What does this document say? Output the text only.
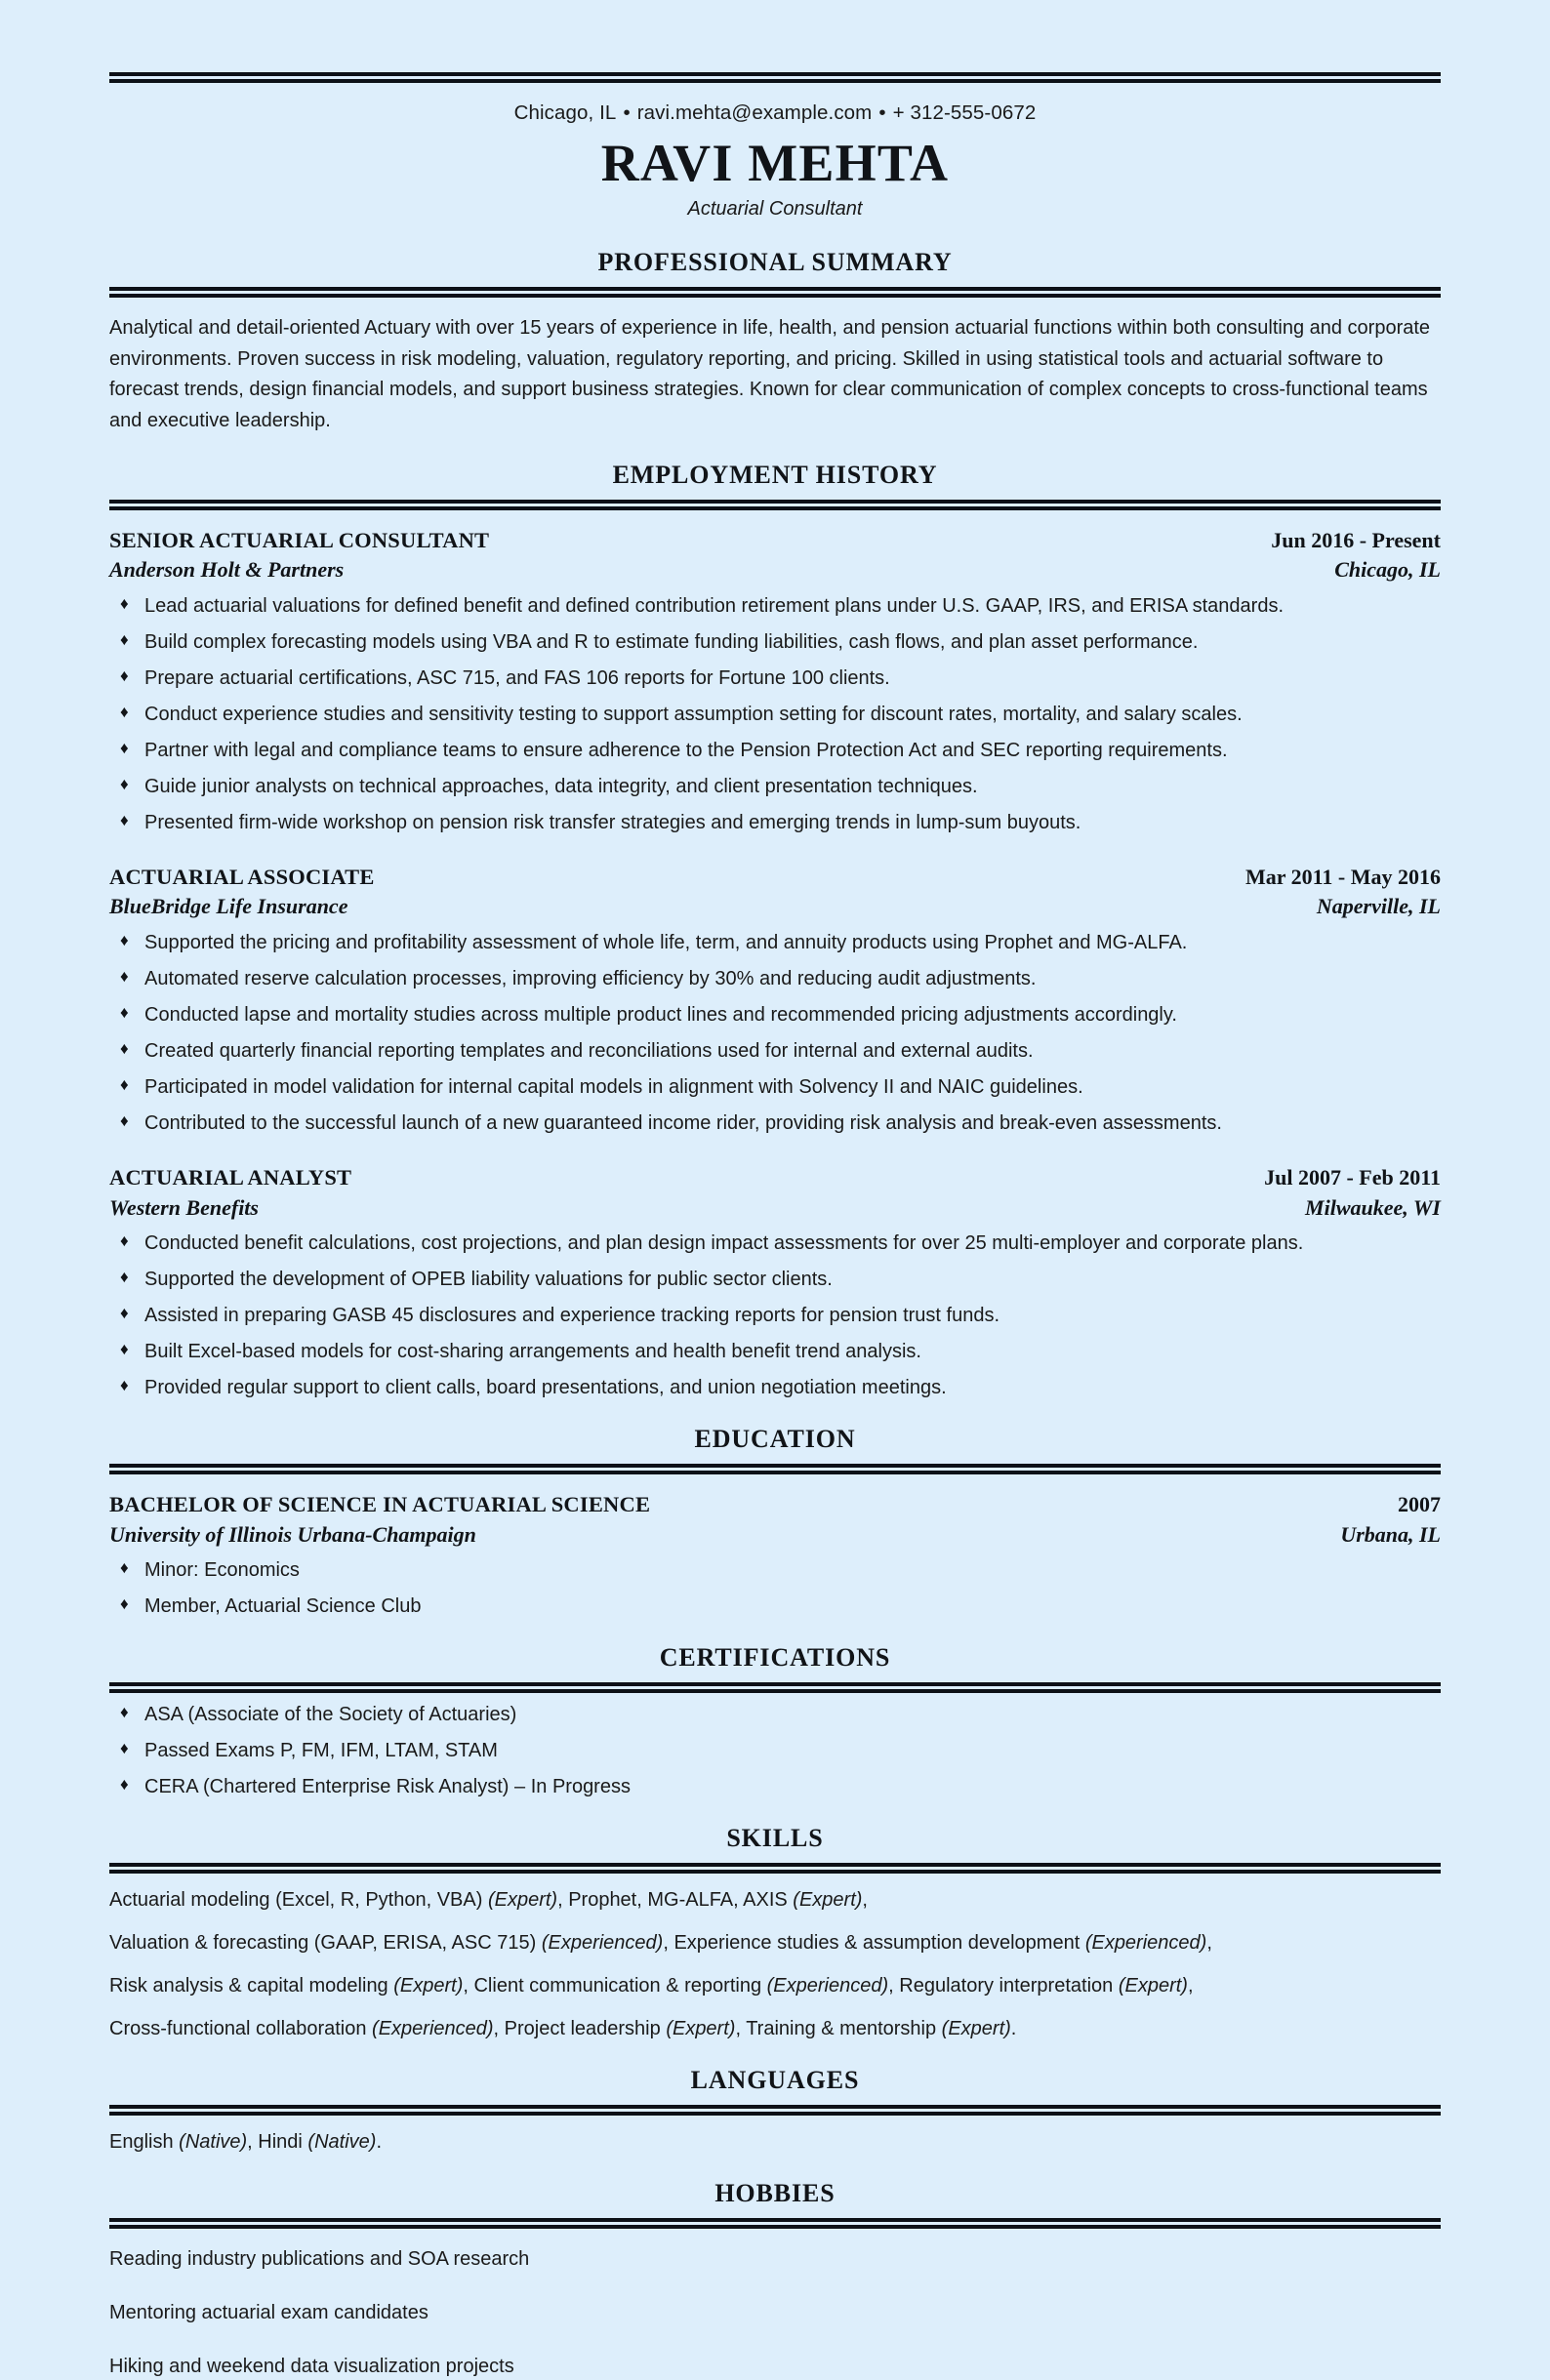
Chicago, IL • ravi.mehta@example.com • + 312-555-0672
RAVI MEHTA
Actuarial Consultant
PROFESSIONAL SUMMARY

Analytical and detail-oriented Actuary with over 15 years of experience in life, health, and pension actuarial functions within both consulting and corporate environments. Proven success in risk modeling, valuation, regulatory reporting, and pricing. Skilled in using statistical tools and actuarial software to forecast trends, design financial models, and support business strategies. Known for clear communication of complex concepts to cross-functional teams and executive leadership.

EMPLOYMENT HISTORY
SENIOR ACTUARIAL CONSULTANT	Jun 2016 - Present
Anderson Holt & Partners	Chicago, IL
♦ Lead actuarial valuations for defined benefit and defined contribution retirement plans under U.S. GAAP, IRS, and ERISA standards.
♦ Build complex forecasting models using VBA and R to estimate funding liabilities, cash flows, and plan asset performance.
♦ Prepare actuarial certifications, ASC 715, and FAS 106 reports for Fortune 100 clients.
♦ Conduct experience studies and sensitivity testing to support assumption setting for discount rates, mortality, and salary scales.
♦ Partner with legal and compliance teams to ensure adherence to the Pension Protection Act and SEC reporting requirements.
♦ Guide junior analysts on technical approaches, data integrity, and client presentation techniques.
♦ Presented firm-wide workshop on pension risk transfer strategies and emerging trends in lump-sum buyouts.
ACTUARIAL ASSOCIATE	Mar 2011 - May 2016
BlueBridge Life Insurance	Naperville, IL
♦ Supported the pricing and profitability assessment of whole life, term, and annuity products using Prophet and MG-ALFA.
♦ Automated reserve calculation processes, improving efficiency by 30% and reducing audit adjustments.
♦ Conducted lapse and mortality studies across multiple product lines and recommended pricing adjustments accordingly.
♦ Created quarterly financial reporting templates and reconciliations used for internal and external audits.
♦ Participated in model validation for internal capital models in alignment with Solvency II and NAIC guidelines.
♦ Contributed to the successful launch of a new guaranteed income rider, providing risk analysis and break-even assessments.
ACTUARIAL ANALYST	Jul 2007 - Feb 2011
Western Benefits	Milwaukee, WI
♦ Conducted benefit calculations, cost projections, and plan design impact assessments for over 25 multi-employer and corporate plans.
♦ Supported the development of OPEB liability valuations for public sector clients.
♦ Assisted in preparing GASB 45 disclosures and experience tracking reports for pension trust funds.
♦ Built Excel-based models for cost-sharing arrangements and health benefit trend analysis.
♦ Provided regular support to client calls, board presentations, and union negotiation meetings.
EDUCATION
BACHELOR OF SCIENCE IN ACTUARIAL SCIENCE	2007
University of Illinois Urbana-Champaign	Urbana, IL
♦ Minor: Economics
♦ Member, Actuarial Science Club
CERTIFICATIONS
♦ ASA (Associate of the Society of Actuaries)
♦ Passed Exams P, FM, IFM, LTAM, STAM
♦ CERA (Chartered Enterprise Risk Analyst) – In Progress
SKILLS
Actuarial modeling (Excel, R, Python, VBA) (Expert), Prophet, MG-ALFA, AXIS (Expert),
Valuation & forecasting (GAAP, ERISA, ASC 715) (Experienced), Experience studies & assumption development (Experienced),
Risk analysis & capital modeling (Expert), Client communication & reporting (Experienced), Regulatory interpretation (Expert),
Cross-functional collaboration (Experienced), Project leadership (Expert), Training & mentorship (Expert).
LANGUAGES
English (Native), Hindi (Native).
HOBBIES
Reading industry publications and SOA research
Mentoring actuarial exam candidates
Hiking and weekend data visualization projects
